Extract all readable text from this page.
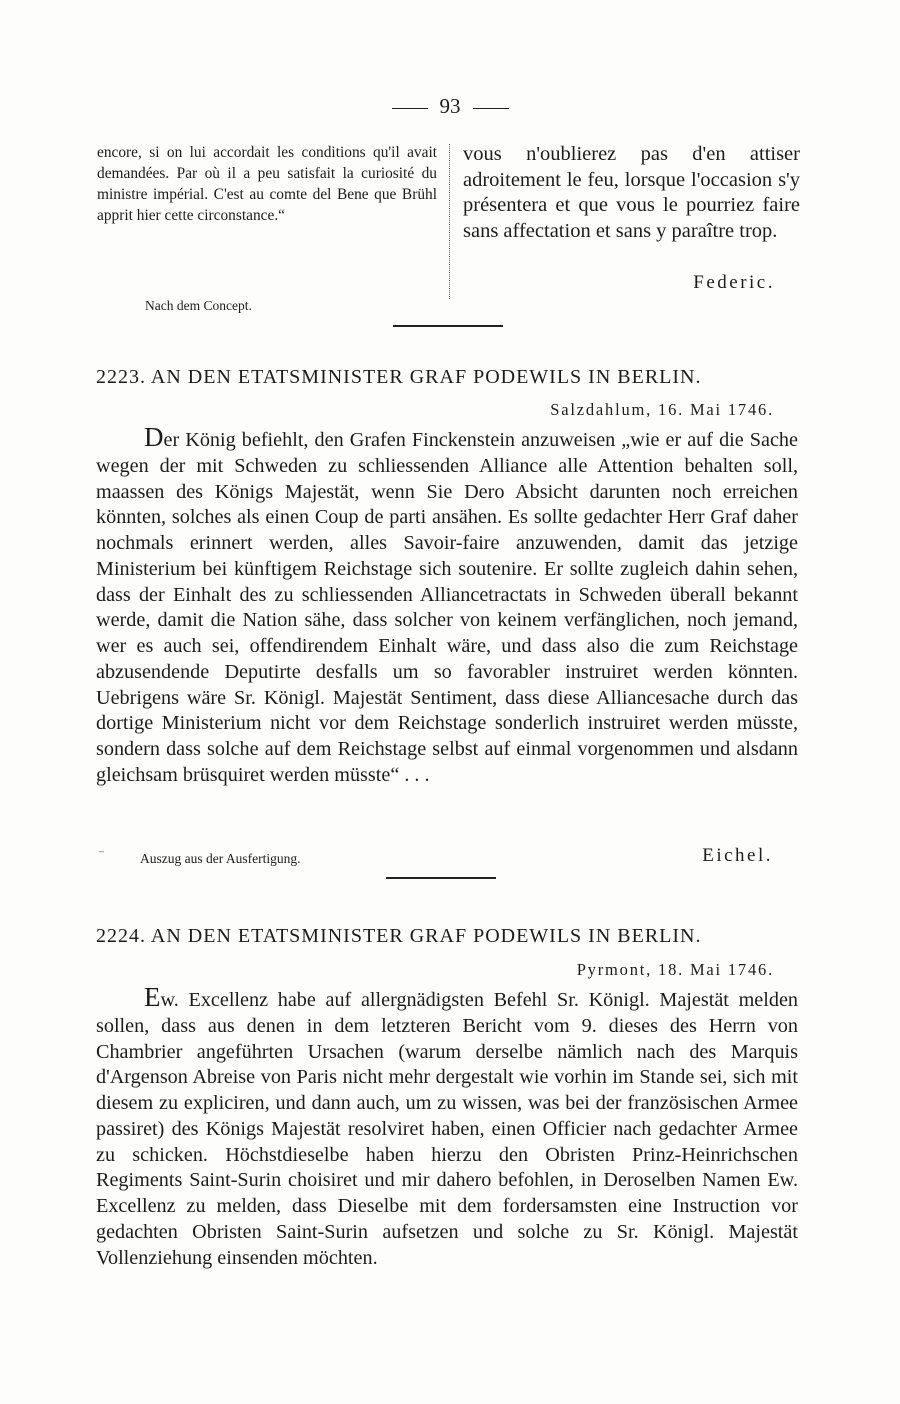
93
encore, si on lui accordait les conditions qu'il avait demandées. Par où il a peu satisfait la curiosité du ministre impérial. C'est au comte del Bene que Brühl apprit hier cette circonstance.“
vous n'oublierez pas d'en attiser adroitement le feu, lorsque l'occasion s'y présentera et que vous le pourriez faire sans affectation et sans y paraître trop.
Federic.
Nach dem Concept.
2223. AN DEN ETATSMINISTER GRAF PODEWILS IN BERLIN.
Salzdahlum, 16. Mai 1746.

Der König befiehlt, den Grafen Finckenstein anzuweisen „wie er auf die Sache wegen der mit Schweden zu schliessenden Alliance alle Attention behalten soll, maassen des Königs Majestät, wenn Sie Dero Absicht darunten noch erreichen könnten, solches als einen Coup de parti ansähen. Es sollte gedachter Herr Graf daher nochmals erinnert werden, alles Savoir-faire anzuwenden, damit das jetzige Ministerium bei künftigem Reichstage sich soutenire. Er sollte zugleich dahin sehen, dass der Einhalt des zu schliessenden Alliancetractats in Schweden überall bekannt werde, damit die Nation sähe, dass solcher von keinem verfänglichen, noch jemand, wer es auch sei, offendirendem Einhalt wäre, und dass also die zum Reichstage abzusendende Deputirte desfalls um so favorabler instruiret werden könnten. Uebrigens wäre Sr. Königl. Majestät Sentiment, dass diese Alliancesache durch das dortige Ministerium nicht vor dem Reichstage sonderlich instruiret werden müsste, sondern dass solche auf dem Reichstage selbst auf einmal vorgenommen und alsdann gleichsam brüsquiret werden müsste“ . . .

⁻	Auszug aus der Ausfertigung.	Eichel.
2224. AN DEN ETATSMINISTER GRAF PODEWILS IN BERLIN.
Pyrmont, 18. Mai 1746.

Ew. Excellenz habe auf allergnädigsten Befehl Sr. Königl. Majestät melden sollen, dass aus denen in dem letzteren Bericht vom 9. dieses des Herrn von Chambrier angeführten Ursachen (warum derselbe nämlich nach des Marquis d'Argenson Abreise von Paris nicht mehr dergestalt wie vorhin im Stande sei, sich mit diesem zu expliciren, und dann auch, um zu wissen, was bei der französischen Armee passiret) des Königs Majestät resolviret haben, einen Officier nach gedachter Armee zu schicken. Höchstdieselbe haben hierzu den Obristen Prinz-Heinrichschen Regiments Saint-Surin choisiret und mir dahero befohlen, in Deroselben Namen Ew. Excellenz zu melden, dass Dieselbe mit dem fordersamsten eine Instruction vor gedachten Obristen Saint-Surin aufsetzen und solche zu Sr. Königl. Majestät Vollenziehung einsenden möchten.
